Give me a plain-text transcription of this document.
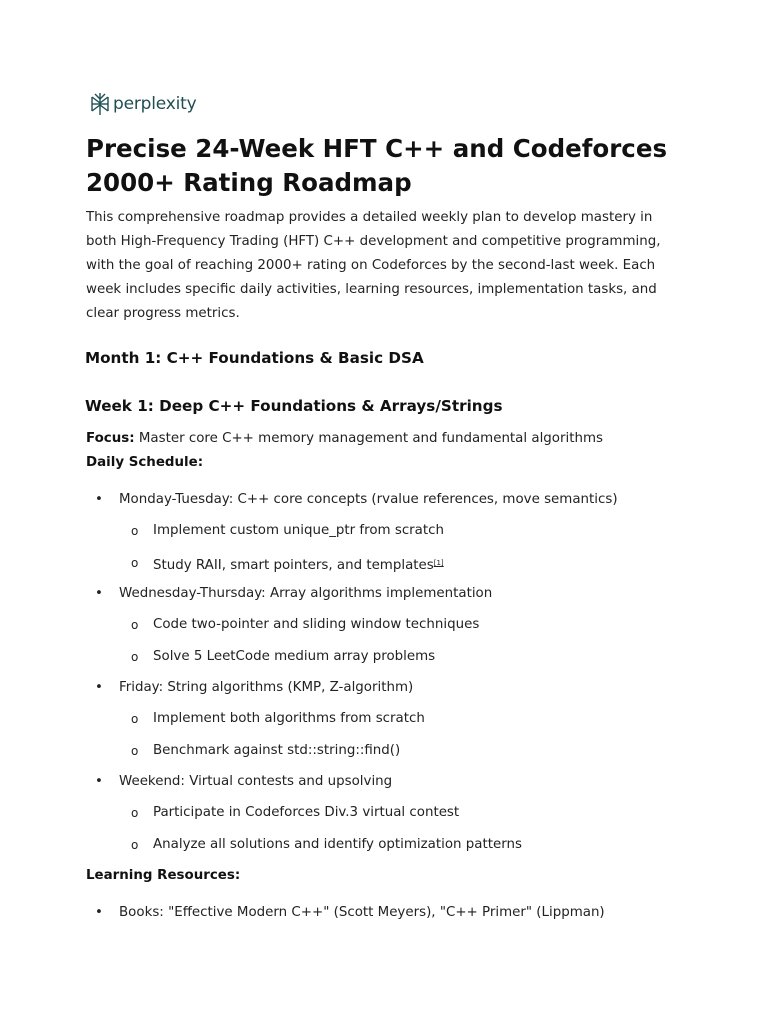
perplexity
Precise 24-Week HFT C++ and Codeforces 2000+ Rating Roadmap

This comprehensive roadmap provides a detailed weekly plan to develop mastery in both High-Frequency Trading (HFT) C++ development and competitive programming, with the goal of reaching 2000+ rating on Codeforces by the second-last week. Each week includes specific daily activities, learning resources, implementation tasks, and clear progress metrics.

Month 1: C++ Foundations & Basic DSA
Week 1: Deep C++ Foundations & Arrays/Strings
Focus: Master core C++ memory management and fundamental algorithms
Daily Schedule:
• Monday-Tuesday: C++ core concepts (rvalue references, move semantics)
o Implement custom unique_ptr from scratch
o Study RAII, smart pointers, and templates[1]
• Wednesday-Thursday: Array algorithms implementation
o Code two-pointer and sliding window techniques
o Solve 5 LeetCode medium array problems
• Friday: String algorithms (KMP, Z-algorithm)
o Implement both algorithms from scratch
o Benchmark against std::string::find()
• Weekend: Virtual contests and upsolving
o Participate in Codeforces Div.3 virtual contest
o Analyze all solutions and identify optimization patterns
Learning Resources:
• Books: "Effective Modern C++" (Scott Meyers), "C++ Primer" (Lippman)
